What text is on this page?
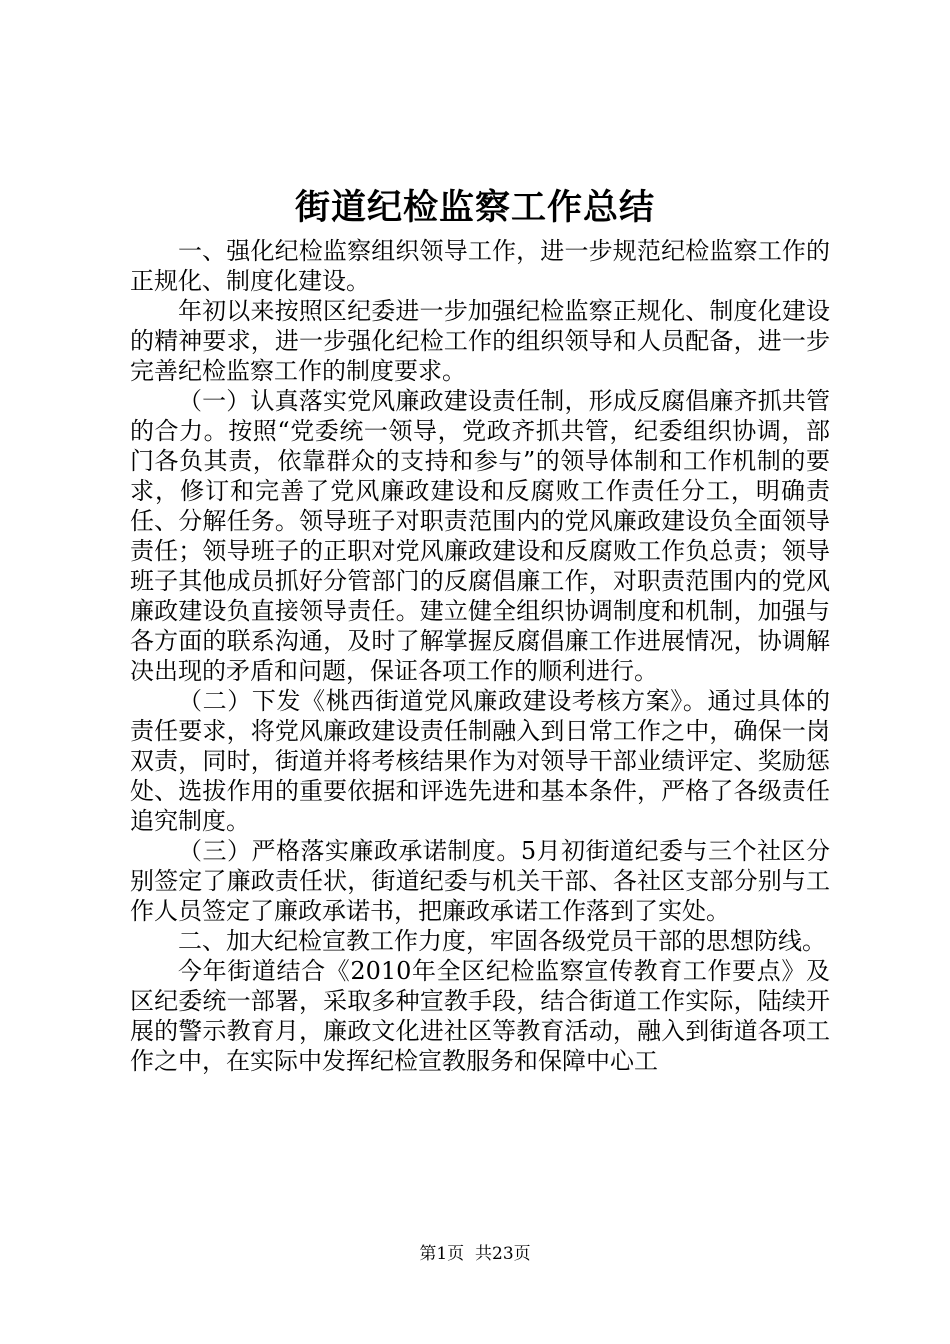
街道纪检监察工作总结

一、强化纪检监察组织领导工作，进一步规范纪检监察工作的正规化、制度化建设。

年初以来按照区纪委进一步加强纪检监察正规化、制度化建设的精神要求，进一步强化纪检工作的组织领导和人员配备，进一步完善纪检监察工作的制度要求。

（一）认真落实党风廉政建设责任制，形成反腐倡廉齐抓共管的合力。按照“党委统一领导，党政齐抓共管，纪委组织协调，部门各负其责，依靠群众的支持和参与”的领导体制和工作机制的要求，修订和完善了党风廉政建设和反腐败工作责任分工，明确责任、分解任务。领导班子对职责范围内的党风廉政建设负全面领导责任；领导班子的正职对党风廉政建设和反腐败工作负总责；领导班子其他成员抓好分管部门的反腐倡廉工作，对职责范围内的党风廉政建设负直接领导责任。建立健全组织协调制度和机制，加强与各方面的联系沟通，及时了解掌握反腐倡廉工作进展情况，协调解决出现的矛盾和问题，保证各项工作的顺利进行。

（二）下发《桃西街道党风廉政建设考核方案》。通过具体的责任要求，将党风廉政建设责任制融入到日常工作之中，确保一岗双责，同时，街道并将考核结果作为对领导干部业绩评定、奖励惩处、选拔作用的重要依据和评选先进和基本条件，严格了各级责任追究制度。

（三）严格落实廉政承诺制度。5月初街道纪委与三个社区分别签定了廉政责任状，街道纪委与机关干部、各社区支部分别与工作人员签定了廉政承诺书，把廉政承诺工作落到了实处。

二、加大纪检宣教工作力度，牢固各级党员干部的思想防线。

今年街道结合《2010年全区纪检监察宣传教育工作要点》及区纪委统一部署，采取多种宣教手段，结合街道工作实际，陆续开展的警示教育月，廉政文化进社区等教育活动，融入到街道各项工作之中，在实际中发挥纪检宣教服务和保障中心工

第1页 共23页
